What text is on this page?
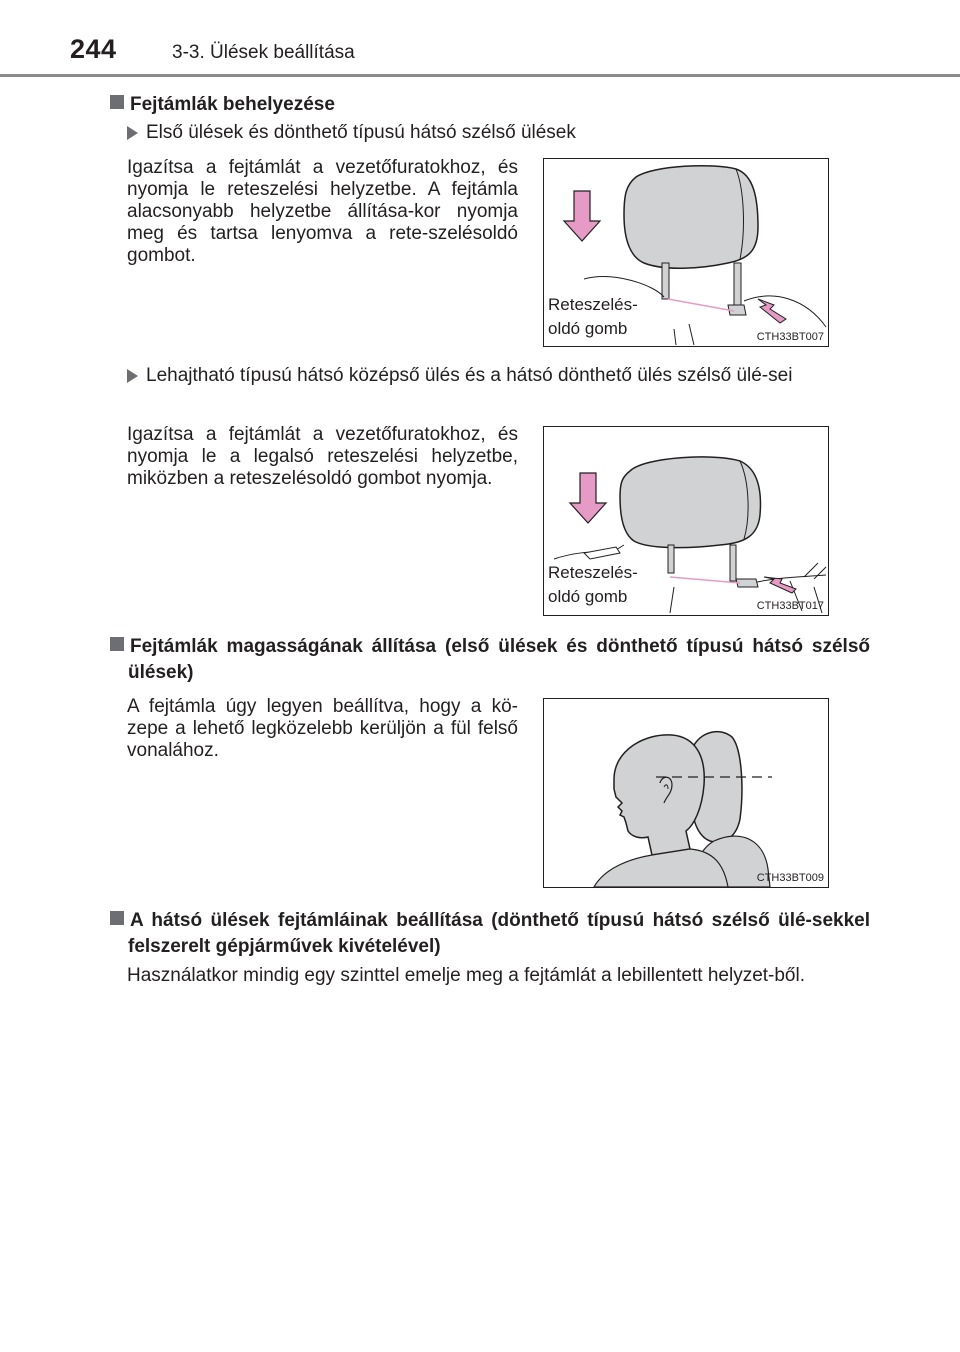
244	3-3. Ülések beállítása
Fejtámlák behelyezése
Első ülések és dönthető típusú hátsó szélső ülések
Igazítsa a fejtámlát a vezetőfuratokhoz, és nyomja le reteszelési helyzetbe. A fejtámla alacsonyabb helyzetbe állítása-kor nyomja meg és tartsa lenyomva a rete-szelésoldó gombot.
Reteszelés-
oldó gomb	CTH33BT007
Lehajtható típusú hátsó középső ülés és a hátsó dönthető ülés szélső ülé-sei
Igazítsa a fejtámlát a vezetőfuratokhoz, és nyomja le a legalsó reteszelési helyzetbe, miközben a reteszelésoldó gombot nyomja.
Reteszelés-
oldó gomb	CTH33BT017
Fejtámlák magasságának állítása (első ülések és dönthető típusú hátsó szélső ülések)
A fejtámla úgy legyen beállítva, hogy a kö-zepe a lehető legközelebb kerüljön a fül felső vonalához.
CTH33BT009
A hátsó ülések fejtámláinak beállítása (dönthető típusú hátsó szélső ülé-sekkel felszerelt gépjárművek kivételével)
Használatkor mindig egy szinttel emelje meg a fejtámlát a lebillentett helyzet-ből.
